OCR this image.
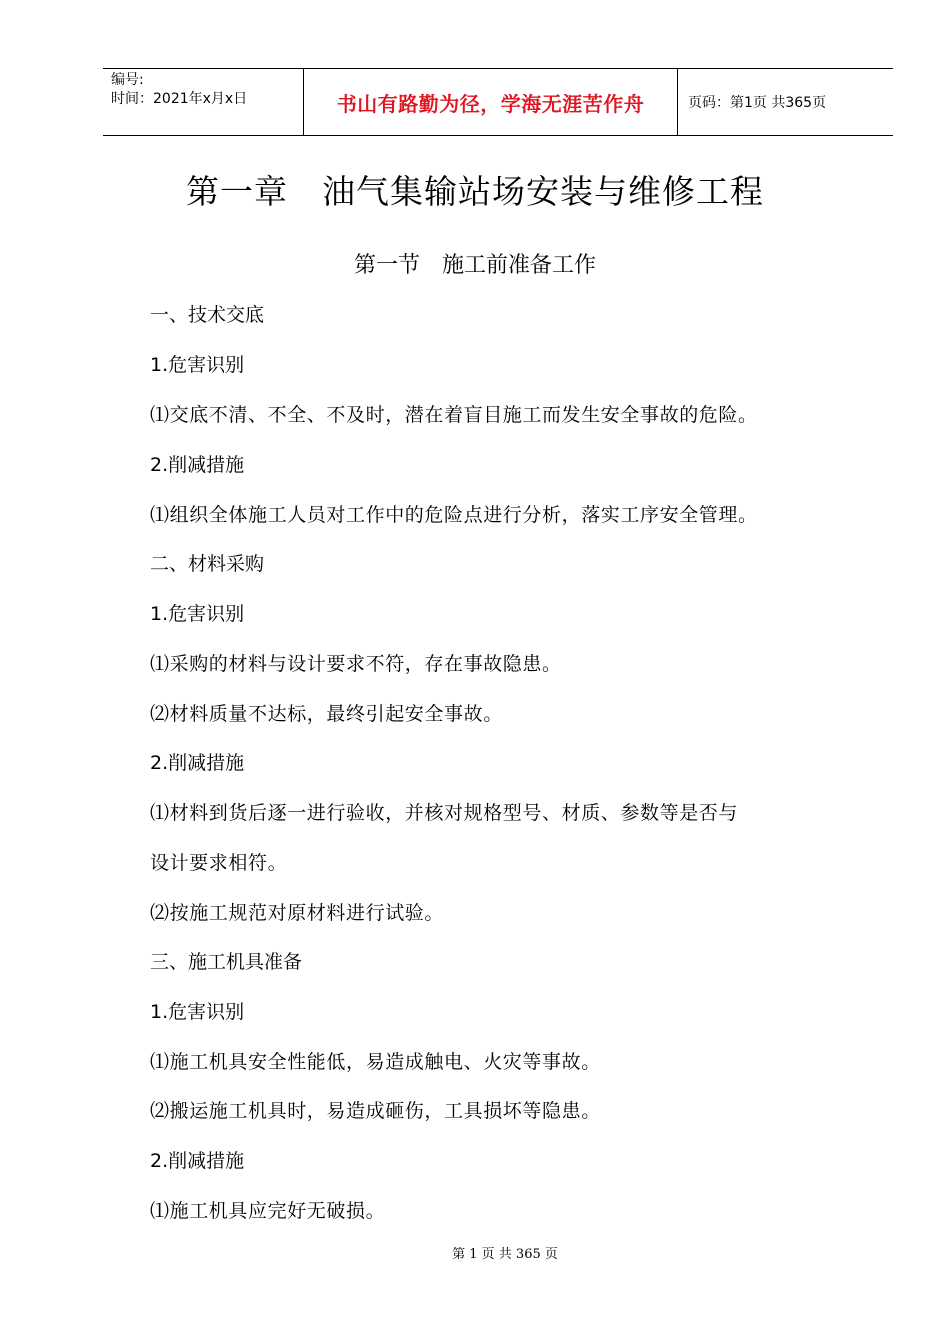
编号:
时间：2021年x月x日	书山有路勤为径，学海无涯苦作舟	页码：第1页 共365页
第一章　油气集输站场安装与维修工程
第一节　施工前准备工作
一、技术交底
1.危害识别
⑴交底不清、不全、不及时，潜在着盲目施工而发生安全事故的危险。
2.削减措施
⑴组织全体施工人员对工作中的危险点进行分析，落实工序安全管理。
二、材料采购
1.危害识别
⑴采购的材料与设计要求不符，存在事故隐患。
⑵材料质量不达标，最终引起安全事故。
2.削减措施
⑴材料到货后逐一进行验收，并核对规格型号、材质、参数等是否与
设计要求相符。
⑵按施工规范对原材料进行试验。
三、施工机具准备
1.危害识别
⑴施工机具安全性能低，易造成触电、火灾等事故。
⑵搬运施工机具时，易造成砸伤，工具损坏等隐患。
2.削减措施
⑴施工机具应完好无破损。
第 1 页 共 365 页
